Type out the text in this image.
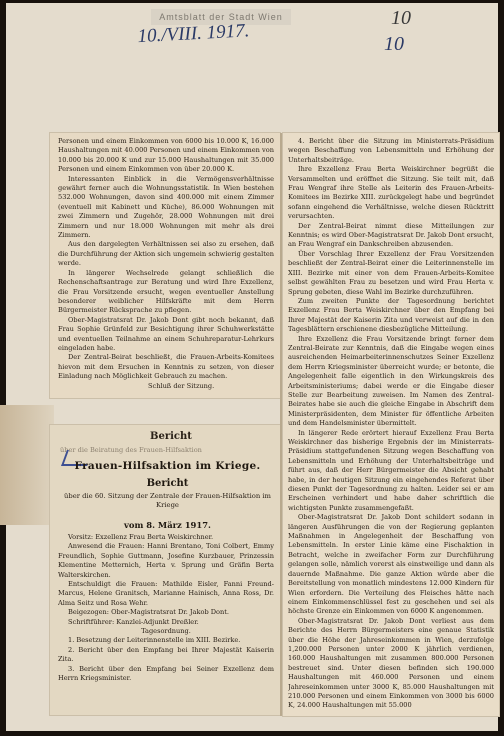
Amtsblatt der Stadt Wien
10./VIII. 1917.
10
10

Personen und einem Einkommen von 6000 bis 10.000 K, 16.000 Haushaltungen mit 40.000 Personen und einem Einkommen von 10.000 bis 20.000 K und zur 15.000 Haushaltungen mit 35.000 Personen und einem Einkommen von über 20.000 K.

Interessanten Einblick in die Vermögensverhältnisse gewährt ferner auch die Wohnungsstatistik. In Wien bestehen 532.000 Wohnungen, davon sind 400.000 mit einem Zimmer (eventuell mit Kabinett und Küche), 86.000 Wohnungen mit zwei Zimmern und Zugehör, 28.000 Wohnungen mit drei Zimmern und nur 18.000 Wohnungen mit mehr als drei Zimmern.

Aus den dargelegten Verhältnissen sei also zu ersehen, daß die Durchführung der Aktion sich ungemein schwierig gestalten werde.

In längerer Wechselrede gelangt schließlich die Rechenschaftsantrage zur Beratung und wird Ihre Exzellenz, die Frau Vorsitzende ersucht, wegen eventueller Anstellung besonderer weiblicher Hilfskräfte mit dem Herrn Bürgermeister Rücksprache zu pflegen.

Ober-Magistratsrat Dr. Jakob Dont gibt noch bekannt, daß Frau Sophie Grünfeld zur Besichtigung ihrer Schuhwerkstätte und eventuellen Teilnahme an einem Schuhreparatur-Lehrkurs eingeladen habe.

Der Zentral-Beirat beschließt, die Frauen-Arbeits-Komitees hievon mit dem Ersuchen in Kenntnis zu setzen, von dieser Einladung nach Möglichkeit Gebrauch zu machen.

Schluß der Sitzung.

Bericht
über die Beiratung des Frauen-Hilfsaktion
Frauen-Hilfsaktion im Kriege.
Bericht
über die 60. Sitzung der Zentrale der Frauen-Hilfsaktion im Kriege
vom 8. März 1917.

Vorsitz: Exzellenz Frau Berta Weiskirchner.

Anwesend die Frauen: Hanni Brentano, Toni Colbert, Emmy Freundlich, Sophie Guttmann, Josefine Kurzbauer, Prinzessin Klementine Metternich, Herta v. Sprung und Gräfin Berta Walterskirchen.

Entschuldigt die Frauen: Mathilde Eisler, Fanni Freund-Marcus, Helene Granitsch, Marianne Hainisch, Anna Ross, Dr. Alma Seitz und Rosa Wehr.

Beigezogen: Ober-Magistratsrat Dr. Jakob Dont.

Schriftführer: Kanzlei-Adjunkt Dreßler.

Tagesordnung.

1. Besetzung der Leiterinnenstelle im XIII. Bezirke.

2. Bericht über den Empfang bei Ihrer Majestät Kaiserin Zita.

3. Bericht über den Empfang bei Seiner Exzellenz dem Herrn Kriegsminister.

4. Bericht über die Sitzung im Ministerrats-Präsidium wegen Beschaffung von Lebensmitteln und Erhöhung der Unterhaltsbeiträge.

Ihre Exzellenz Frau Berta Weiskirchner begrüßt die Versammelten und eröffnet die Sitzung. Sie teilt mit, daß Frau Wengraf ihre Stelle als Leiterin des Frauen-Arbeits-Komitees im Bezirke XIII. zurückgelegt habe und begründet sofann eingehend die Verhältnisse, welche diesen Rücktritt verursachten.

Der Zentral-Beirat nimmt diese Mitteilungen zur Kenntnis; es wird Ober-Magistratsrat Dr. Jakob Dont ersucht, an Frau Wengraf ein Dankschreiben abzusenden.

Über Vorschlag Ihrer Exzellenz der Frau Vorsitzenden beschließt der Zentral-Beirat einer die Leiterinnenstelle im XIII. Bezirke mit einer von dem Frauen-Arbeits-Komitee selbst gewählten Frau zu besetzen und wird Frau Herta v. Sprung gebeten, diese Wahl im Bezirke durchzuführen.

Zum zweiten Punkte der Tagesordnung berichtet Exzellenz Frau Berta Weiskirchner über den Empfang bei Ihrer Majestät der Kaiserin Zita und verweist auf die in den Tagesblättern erschienene diesbezügliche Mitteilung.

Ihre Exzellenz die Frau Vorsitzende bringt ferner dem Zentral-Beirate zur Kenntnis, daß die Eingabe wegen eines ausreichenden Heimarbeiterinnenschutzes Seiner Exzellenz dem Herrn Kriegsminister überreicht wurde; er betonte, die Angelegenheit falle eigentlich in den Wirkungskreis des Arbeitsministeriums; dabei werde er die Eingabe dieser Stelle zur Bearbeitung zuweisen. Im Namen des Zentral-Beirates habe sie auch die gleiche Eingabe in Abschrift dem Ministerpräsidenten, dem Minister für öffentliche Arbeiten und dem Handelsminister übermittelt.

In längerer Rede erörtert hierauf Exzellenz Frau Berta Weiskirchner das bisherige Ergebnis der im Ministerrats-Präsidium stattgefundenen Sitzung wegen Beschaffung von Lebensmitteln und Erhöhung der Unterhaltsbeiträge und führt aus, daß der Herr Bürgermeister die Absicht gehabt habe, in der heutigen Sitzung ein eingehendes Referat über diesen Punkt der Tagesordnung zu halten. Leider sei er am Erscheinen verhindert und habe daher schriftlich die wichtigsten Punkte zusammengefaßt.

Ober-Magistratsrat Dr. Jakob Dont schildert sodann in längeren Ausführungen die von der Regierung geplanten Maßnahmen in Angelegenheit der Beschaffung von Lebensmitteln. In erster Linie käme eine Fischaktion in Betracht, welche in zweifacher Form zur Durchführung gelangen solle, nämlich vorerst als einstweilige und dann als dauernde Maßnahme. Die ganze Aktion würde aber die Bereitstellung von monatlich mindestens 12.000 Kindern für Wien erfordern. Die Verteilung des Fleisches hätte nach einem Einkommenschlüssel fest zu geschehen und sei als höchste Grenze ein Einkommen von 6000 K angenommen.

Ober-Magistratsrat Dr. Jakob Dont verliest aus dem Berichte des Herrn Bürgermeisters eine genaue Statistik über die Höhe der Jahreseinkommen in Wien, derzufolge 1,200.000 Personen unter 2000 K jährlich verdienen, 160.000 Haushaltungen mit zusammen 800.000 Personen bestreuet sind. Unter diesen befinden sich 190.000 Haushaltungen mit 460.000 Personen und einem Jahreseinkommen unter 3000 K, 85.000 Haushaltungen mit 210.000 Personen und einem Einkommen von 3000 bis 6000 K, 24.000 Haushaltungen mit 55.000
